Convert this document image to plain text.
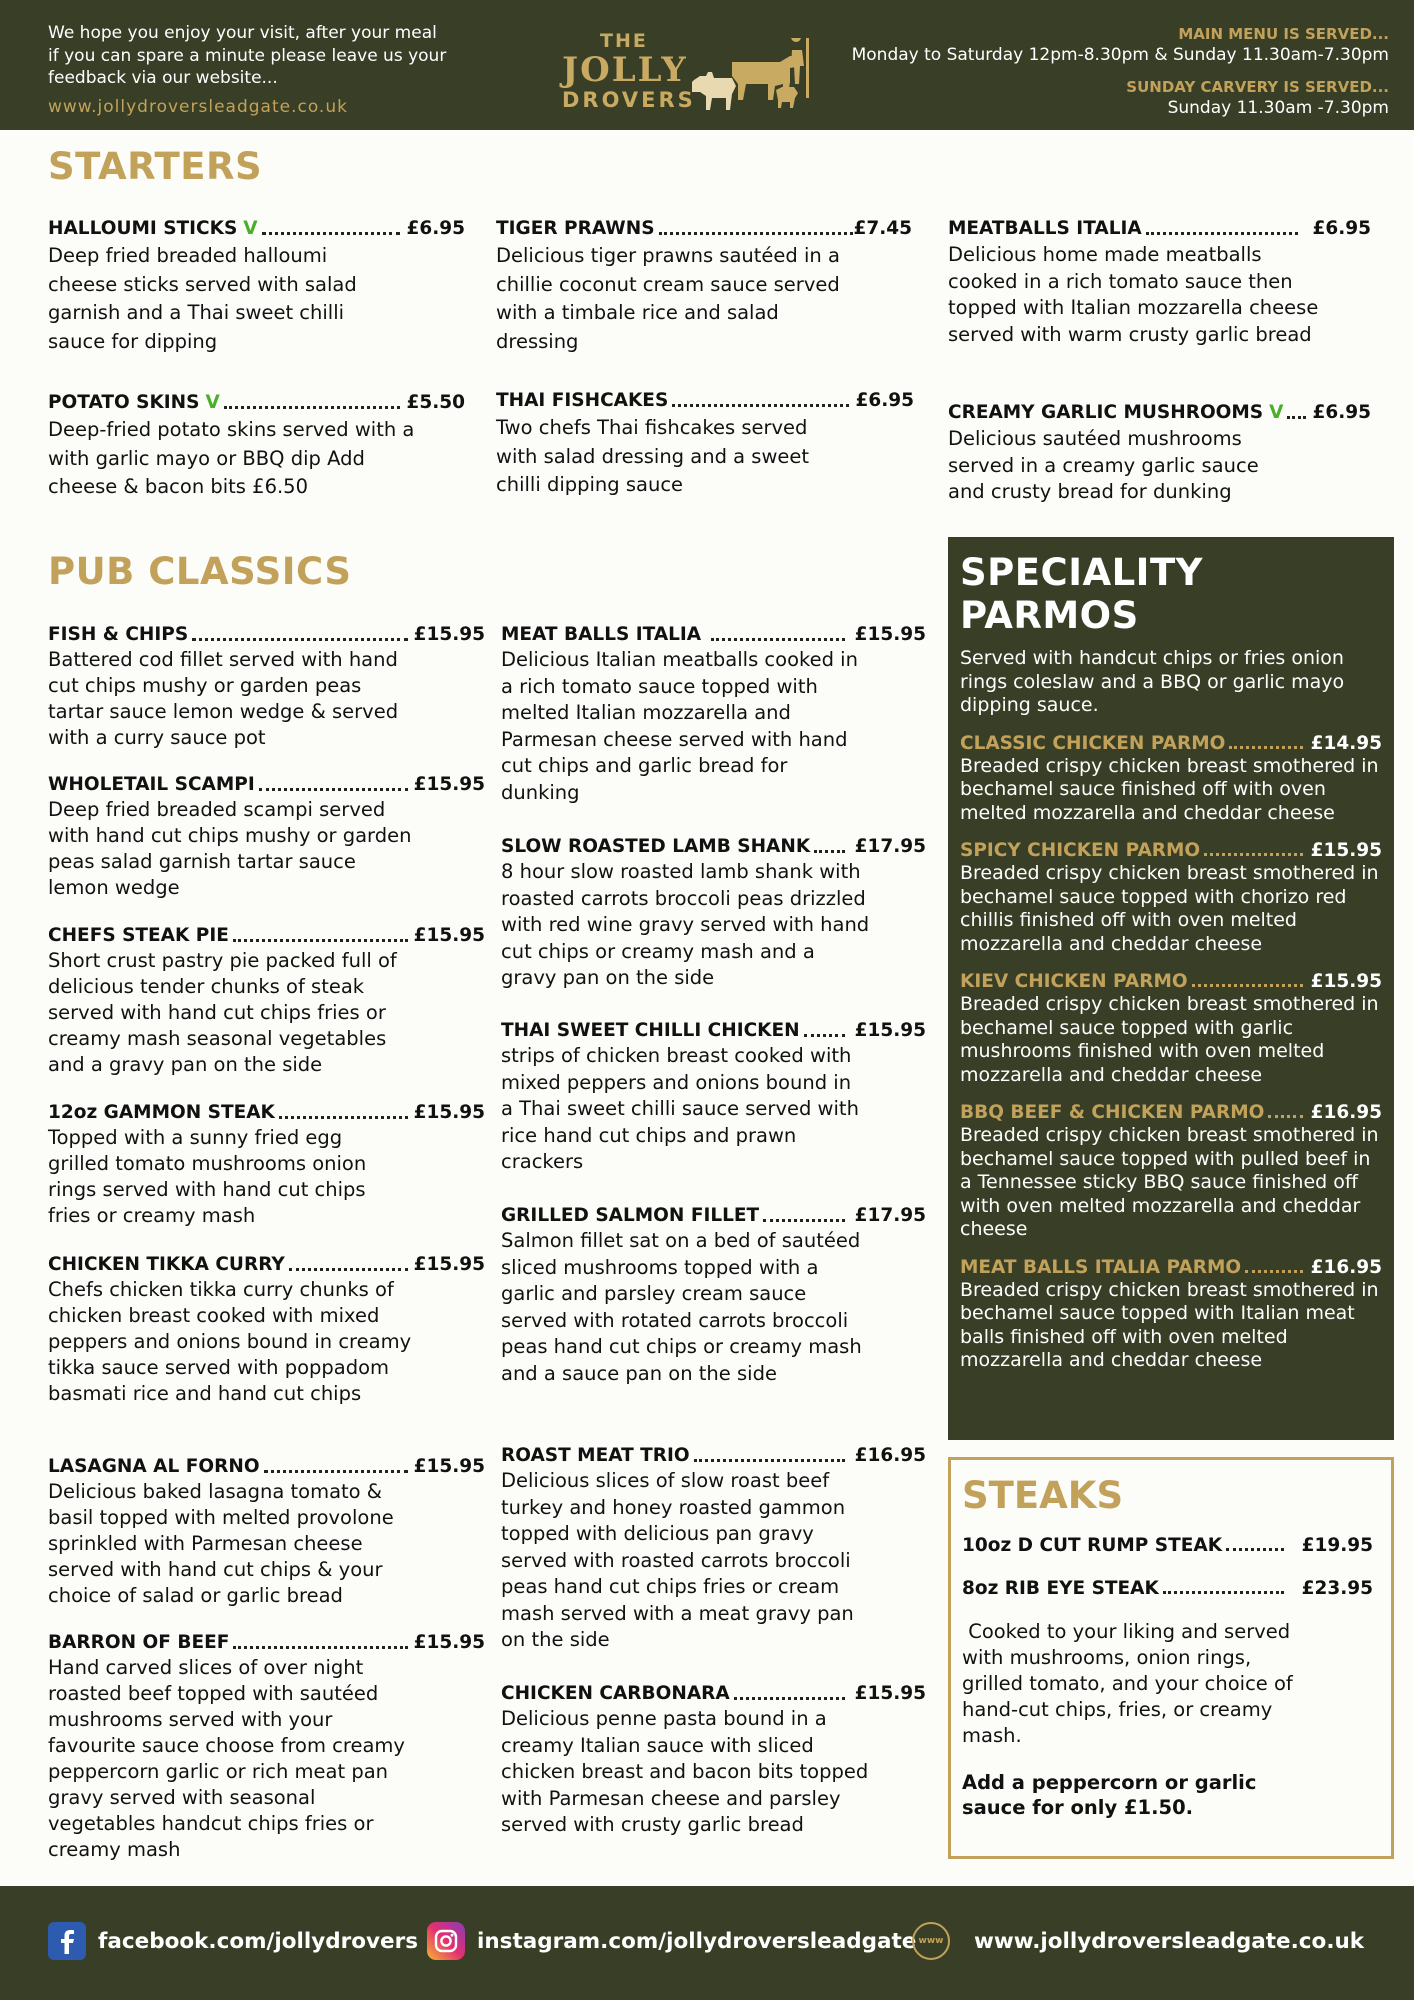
We hope you enjoy your visit, after your meal if you can spare a minute please leave us your feedback via our website...
www.jollydroversleadgate.co.uk
THE
JOLLY
DROVERS
MAIN MENU IS SERVED...
Monday to Saturday 12pm-8.30pm & Sunday 11.30am-7.30pm
SUNDAY CARVERY IS SERVED...
Sunday 11.30am -7.30pm
STARTERS
HALLOUMI STICKS V	£6.95
Deep fried breaded halloumi cheese sticks served with salad garnish and a Thai sweet chilli sauce for dipping
POTATO SKINS V	£5.50
Deep-fried potato skins served with a with garlic mayo or BBQ dip Add cheese & bacon bits £6.50
TIGER PRAWNS	£7.45
Delicious tiger prawns sautéed in a chillie coconut cream sauce served with a timbale rice and salad dressing
THAI FISHCAKES	£6.95
Two chefs Thai fishcakes served with salad dressing and a sweet chilli dipping sauce
MEATBALLS ITALIA	£6.95
Delicious home made meatballs cooked in a rich tomato sauce then topped with Italian mozzarella cheese served with warm crusty garlic bread
CREAMY GARLIC MUSHROOMS V £6.95
Delicious sautéed mushrooms served in a creamy garlic sauce and crusty bread for dunking
PUB CLASSICS
FISH & CHIPS	£15.95
Battered cod fillet served with hand cut chips mushy or garden peas tartar sauce lemon wedge & served with a curry sauce pot
WHOLETAIL SCAMPI	£15.95
Deep fried breaded scampi served with hand cut chips mushy or garden peas salad garnish tartar sauce lemon wedge
CHEFS STEAK PIE	£15.95
Short crust pastry pie packed full of delicious tender chunks of steak served with hand cut chips fries or creamy mash seasonal vegetables and a gravy pan on the side
12oz GAMMON STEAK	£15.95
Topped with a sunny fried egg grilled tomato mushrooms onion rings served with hand cut chips fries or creamy mash
CHICKEN TIKKA CURRY	£15.95
Chefs chicken tikka curry chunks of chicken breast cooked with mixed peppers and onions bound in creamy tikka sauce served with poppadom basmati rice and hand cut chips
LASAGNA AL FORNO	£15.95
Delicious baked lasagna tomato & basil topped with melted provolone sprinkled with Parmesan cheese served with hand cut chips & your choice of salad or garlic bread
BARRON OF BEEF	£15.95
Hand carved slices of over night roasted beef topped with sautéed mushrooms served with your favourite sauce choose from creamy peppercorn garlic or rich meat pan gravy served with seasonal vegetables handcut chips fries or creamy mash
MEAT BALLS ITALIA	£15.95
Delicious Italian meatballs cooked in a rich tomato sauce topped with melted Italian mozzarella and Parmesan cheese served with hand cut chips and garlic bread for dunking
SLOW ROASTED LAMB SHANK £17.95
8 hour slow roasted lamb shank with roasted carrots broccoli peas drizzled with red wine gravy served with hand cut chips or creamy mash and a gravy pan on the side
THAI SWEET CHILLI CHICKEN	£15.95
strips of chicken breast cooked with mixed peppers and onions bound in a Thai sweet chilli sauce served with rice hand cut chips and prawn crackers
GRILLED SALMON FILLET	£17.95
Salmon fillet sat on a bed of sautéed sliced mushrooms topped with a garlic and parsley cream sauce served with rotated carrots broccoli peas hand cut chips or creamy mash and a sauce pan on the side
ROAST MEAT TRIO	£16.95
Delicious slices of slow roast beef turkey and honey roasted gammon topped with delicious pan gravy served with roasted carrots broccoli peas hand cut chips fries or cream mash served with a meat gravy pan on the side
CHICKEN CARBONARA	£15.95
Delicious penne pasta bound in a creamy Italian sauce with sliced chicken breast and bacon bits topped with Parmesan cheese and parsley served with crusty garlic bread
SPECIALITY PARMOS
Served with handcut chips or fries onion rings coleslaw and a BBQ or garlic mayo dipping sauce.
CLASSIC CHICKEN PARMO	£14.95
Breaded crispy chicken breast smothered in bechamel sauce finished off with oven melted mozzarella and cheddar cheese
SPICY CHICKEN PARMO	£15.95
Breaded crispy chicken breast smothered in bechamel sauce topped with chorizo red chillis finished off with oven melted mozzarella and cheddar cheese
KIEV CHICKEN PARMO	£15.95
Breaded crispy chicken breast smothered in bechamel sauce topped with garlic mushrooms finished with oven melted mozzarella and cheddar cheese
BBQ BEEF & CHICKEN PARMO £16.95
Breaded crispy chicken breast smothered in bechamel sauce topped with pulled beef in a Tennessee sticky BBQ sauce finished off with oven melted mozzarella and cheddar cheese
MEAT BALLS ITALIA PARMO	£16.95
Breaded crispy chicken breast smothered in bechamel sauce topped with Italian meat balls finished off with oven melted mozzarella and cheddar cheese
STEAKS
10oz D CUT RUMP STEAK	£19.95
8oz RIB EYE STEAK	£23.95
Cooked to your liking and served with mushrooms, onion rings, grilled tomato, and your choice of hand-cut chips, fries, or creamy mash.
Add a peppercorn or garlic sauce for only £1.50.
facebook.com/jollydrovers	instagram.com/jollydroversleadgate www www.jollydroversleadgate.co.uk
